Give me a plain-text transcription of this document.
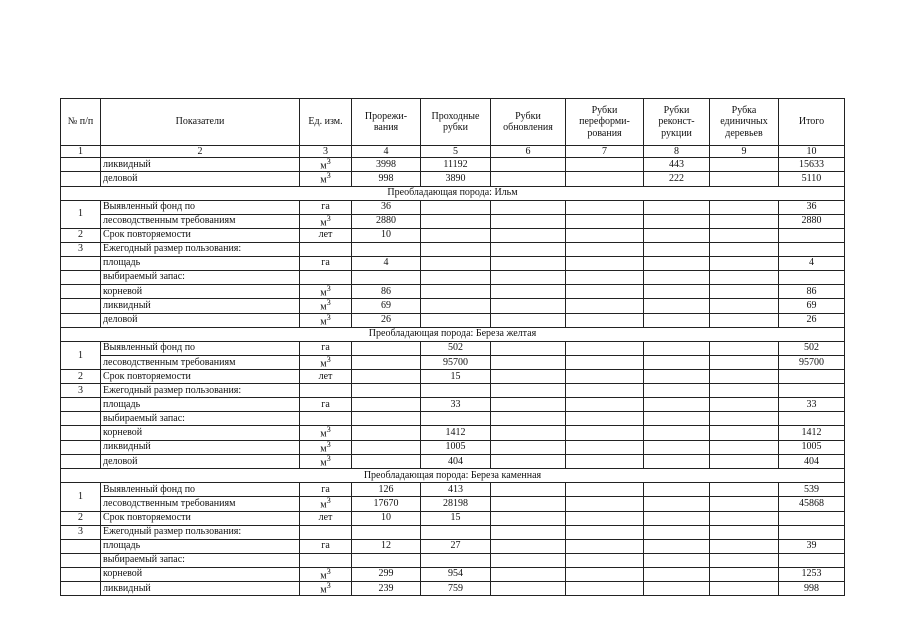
№ п/п	Показатели	Ед. изм.	Прорежи- вания	Проходные рубки	Рубки обновления	Рубки переформи- рования	Рубки реконст- рукции	Рубка единичных деревьев	Итого
1	2	3	4	5	6	7	8	9	10
	ликвидный	$м^3$	3998	11192			443		15633
	деловой	$м^3$	998	3890			222		5110
Преобладающая порода: Ильм									
1	Выявленный фонд по	га	36						36
	лесоводственным требованиям	$м^3$	2880						2880
2	Срок повторяемости	лет	10						
3	Ежегодный размер пользования:								
	площадь	га	4						4
	выбираемый запас:								
	корневой	$м^3$	86						86
	ликвидный	$м^3$	69						69
	деловой	$м^3$	26						26
Преобладающая порода: Береза желтая									
1	Выявленный фонд по	га		502					502
	лесоводственным требованиям	$м^3$		95700					95700
2	Срок повторяемости	лет		15					
3	Ежегодный размер пользования:								
	площадь	га		33					33
	выбираемый запас:								
	корневой	$м^3$		1412					1412
	ликвидный	$м^3$		1005					1005
	деловой	$м^3$		404					404
Преобладающая порода: Береза каменная									
1	Выявленный фонд по	га	126	413					539
	лесоводственным требованиям	$м^3$	17670	28198					45868
2	Срок повторяемости	лет	10	15					
3	Ежегодный размер пользования:								
	площадь	га	12	27					39
	выбираемый запас:								
	корневой	$м^3$	299	954					1253
	ликвидный	$м^3$	239	759					998
